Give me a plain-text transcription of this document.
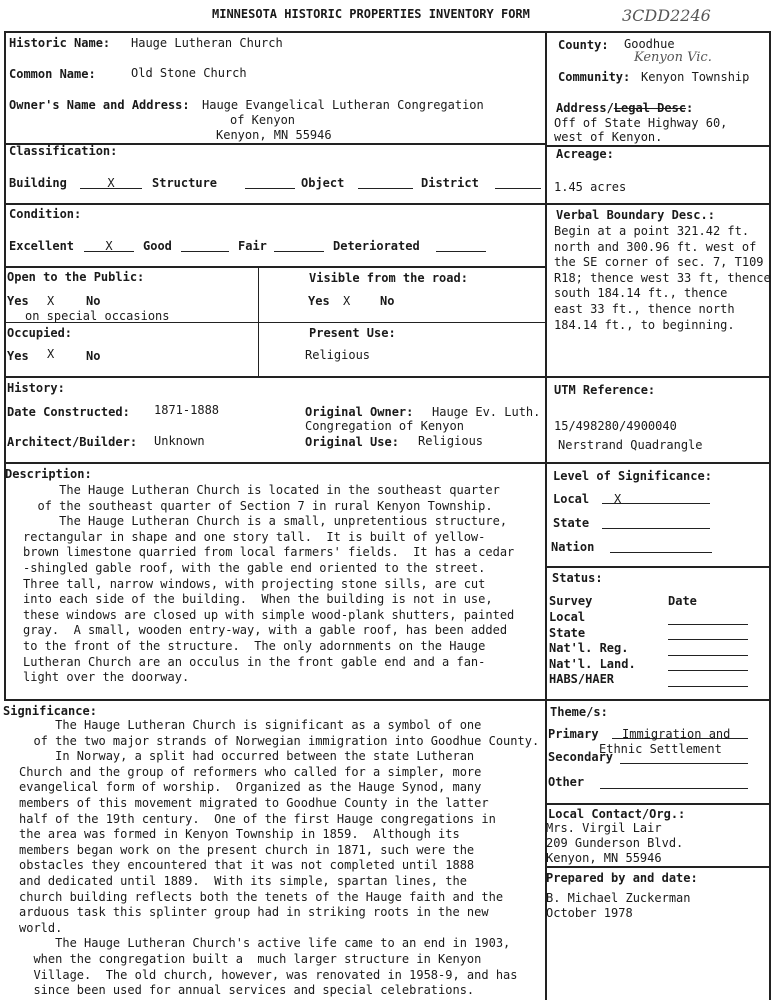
MINNESOTA HISTORIC PROPERTIES INVENTORY FORM	3CDD2246
Historic Name: Hauge Lutheran Church
Common Name:	Old Stone Church
Owner's Name and Address: Hauge Evangelical Lutheran Congregation
of Kenyon
Kenyon, MN 55946
County: Goodhue
Kenyon Vic.
Community: Kenyon Township
Address/Legal Desc:
Off of State Highway 60,
west of Kenyon.
Classification:
Building	X	Structure	Object	District
Acreage:
1.45 acres
Condition:
Excellent	X	Good	Fair	Deteriorated
Verbal Boundary Desc.:
Begin at a point 321.42 ft.
north and 300.96 ft. west of
the SE corner of sec. 7, T109
R18; thence west 33 ft, thence
south 184.14 ft., thence
east 33 ft., thence north
184.14 ft., to beginning.
Open to the Public:
Yes X	No
on special occasions
Visible from the road:
Yes X No
Occupied:
Yes X	No
Present Use:
Religious
History:
Date Constructed: 1871-1888
Architect/Builder: Unknown
Original Owner: Hauge Ev. Luth.
Congregation of Kenyon
Original Use: Religious
UTM Reference:
15/498280/4900040
Nerstrand Quadrangle
Description:
The Hauge Lutheran Church is located in the southeast quarter
of the southeast quarter of Section 7 in rural Kenyon Township.
The Hauge Lutheran Church is a small, unpretentious structure,
rectangular in shape and one story tall.  It is built of yellow-
brown limestone quarried from local farmers' fields.  It has a cedar
-shingled gable roof, with the gable end oriented to the street.
Three tall, narrow windows, with projecting stone sills, are cut
into each side of the building.  When the building is not in use,
these windows are closed up with simple wood-plank shutters, painted
gray.  A small, wooden entry-way, with a gable roof, has been added
to the front of the structure.  The only adornments on the Hauge
Lutheran Church are an occulus in the front gable end and a fan-
light over the doorway.
Level of Significance:
Local	X
State
Nation
Status:
Date
Survey
Local
State
Nat'l. Reg.
Nat'l. Land.
HABS/HAER
Significance:
The Hauge Lutheran Church is significant as a symbol of one
of the two major strands of Norwegian immigration into Goodhue County.
In Norway, a split had occurred between the state Lutheran
Church and the group of reformers who called for a simpler, more
evangelical form of worship.  Organized as the Hauge Synod, many
members of this movement migrated to Goodhue County in the latter
half of the 19th century.  One of the first Hauge congregations in
the area was formed in Kenyon Township in 1859.  Although its
members began work on the present church in 1871, such were the
obstacles they encountered that it was not completed until 1888
and dedicated until 1889.  With its simple, spartan lines, the
church building reflects both the tenets of the Hauge faith and the
arduous task this splinter group had in striking roots in the new
world.
The Hauge Lutheran Church's active life came to an end in 1903,
when the congregation built a  much larger structure in Kenyon
Village.  The old church, however, was renovated in 1958-9, and has
since been used for annual services and special celebrations.
Theme/s:
Primary	Immigration and
Ethnic Settlement
Secondary
Other
Local Contact/Org.:
Mrs. Virgil Lair
209 Gunderson Blvd.
Kenyon, MN 55946
Prepared by and date:
B. Michael Zuckerman
October 1978
